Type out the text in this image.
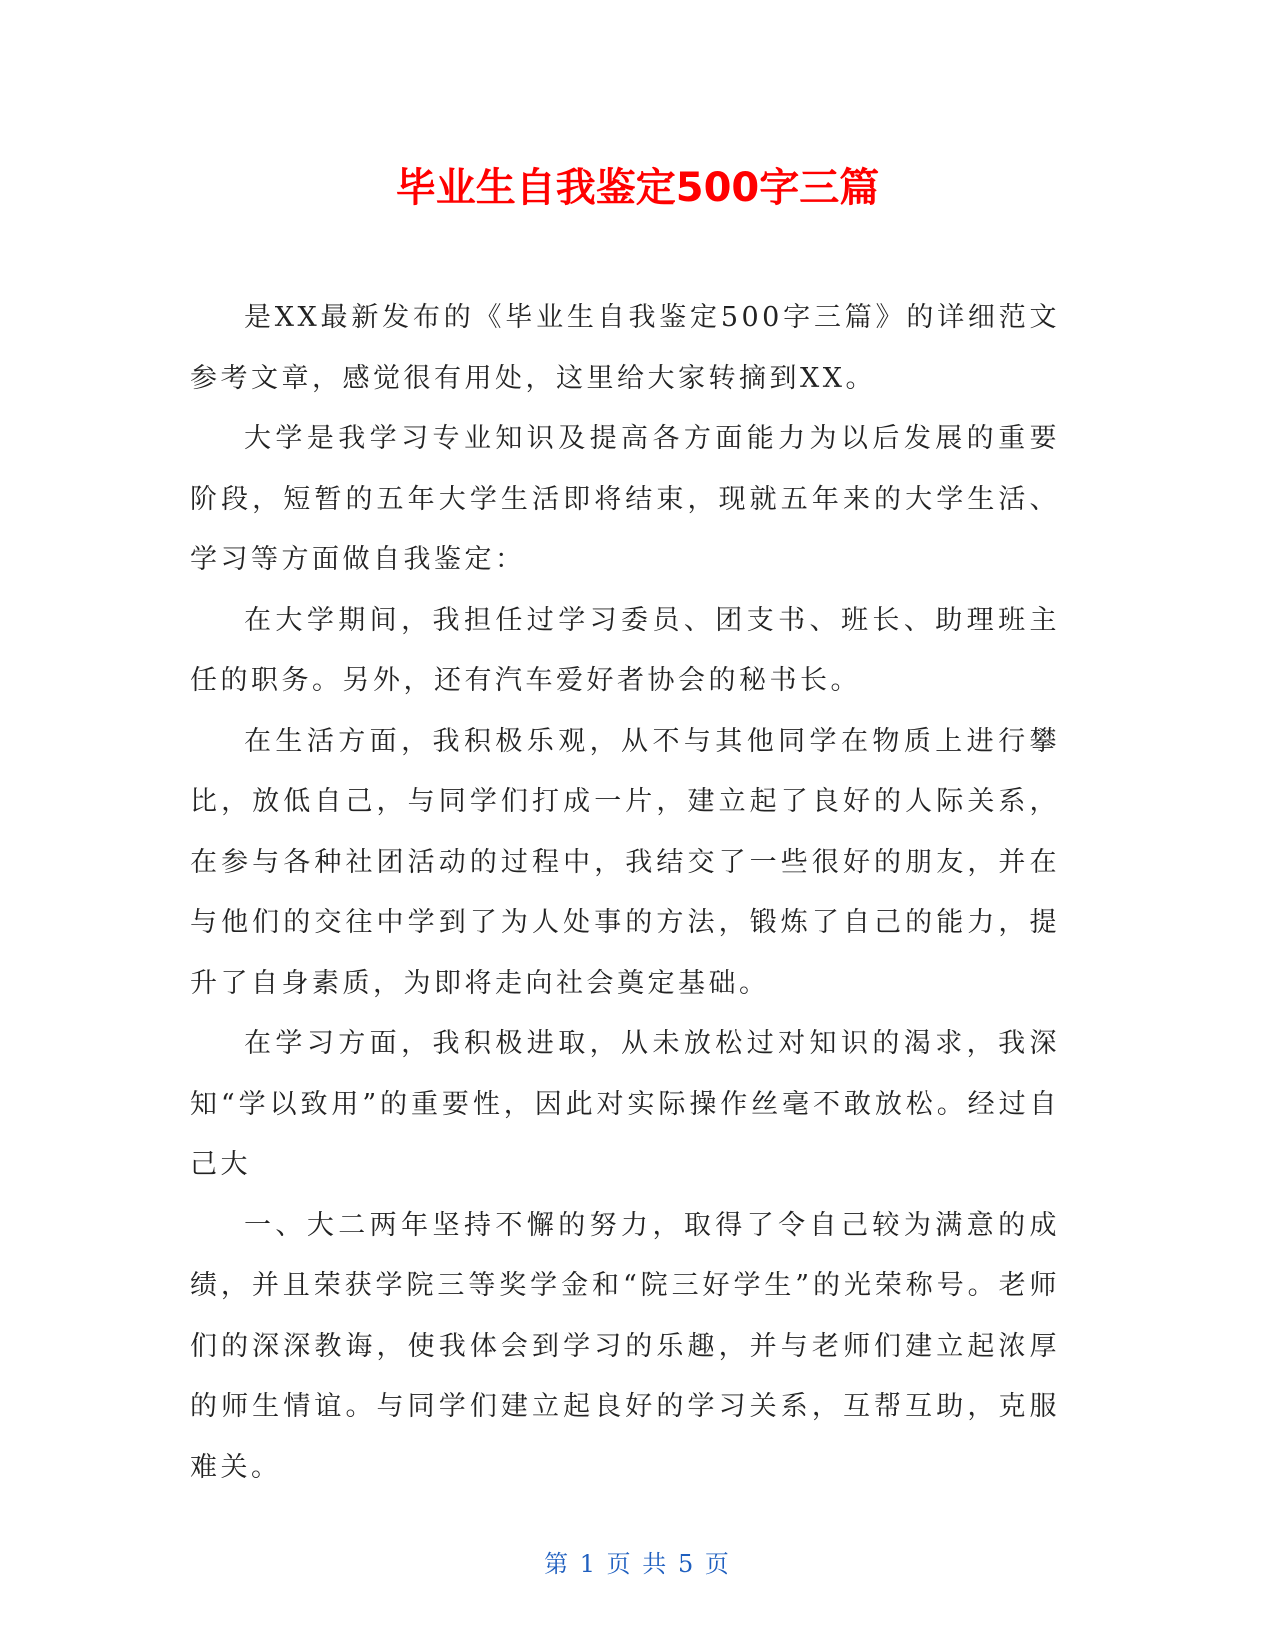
毕业生自我鉴定500字三篇

是XX最新发布的《毕业生自我鉴定500字三篇》的详细范文参考文章，感觉很有用处，这里给大家转摘到XX。

大学是我学习专业知识及提高各方面能力为以后发展的重要阶段，短暂的五年大学生活即将结束，现就五年来的大学生活、学习等方面做自我鉴定：

在大学期间，我担任过学习委员、团支书、班长、助理班主任的职务。另外，还有汽车爱好者协会的秘书长。

在生活方面，我积极乐观，从不与其他同学在物质上进行攀比，放低自己，与同学们打成一片，建立起了良好的人际关系，在参与各种社团活动的过程中，我结交了一些很好的朋友，并在与他们的交往中学到了为人处事的方法，锻炼了自己的能力，提升了自身素质，为即将走向社会奠定基础。

在学习方面，我积极进取，从未放松过对知识的渴求，我深知“学以致用”的重要性，因此对实际操作丝毫不敢放松。经过自己大

一、大二两年坚持不懈的努力，取得了令自己较为满意的成绩，并且荣获学院三等奖学金和“院三好学生”的光荣称号。老师们的深深教诲，使我体会到学习的乐趣，并与老师们建立起浓厚的师生情谊。与同学们建立起良好的学习关系，互帮互助，克服难关。

第 1 页 共 5 页
